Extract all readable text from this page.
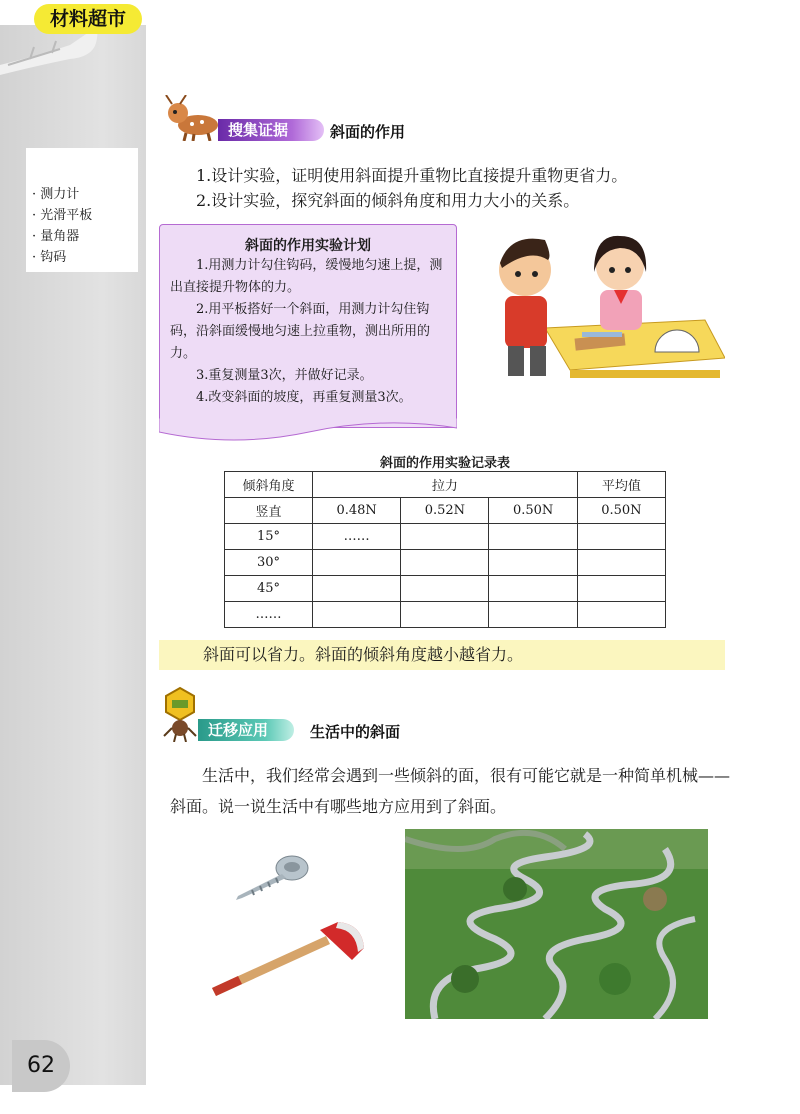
· 测力计
· 光滑平板
· 量角器
· 钩码
材料超市
搜集证据	斜面的作用
1.设计实验，证明使用斜面提升重物比直接提升重物更省力。
2.设计实验，探究斜面的倾斜角度和用力大小的关系。
斜面的作用实验计划

1.用测力计勾住钩码，缓慢地匀速上提，测出直接提升物体的力。

2.用平板搭好一个斜面，用测力计勾住钩码，沿斜面缓慢地匀速上拉重物，测出所用的力。

3.重复测量3次，并做好记录。

4.改变斜面的坡度，再重复测量3次。

斜面的作用实验记录表
倾斜角度	拉力			平均值
竖直	0.48N	0.52N	0.50N	0.50N
15°	……			
30°				
45°				
……				
斜面可以省力。斜面的倾斜角度越小越省力。
迁移应用	生活中的斜面

生活中，我们经常会遇到一些倾斜的面，很有可能它就是一种简单机械——斜面。说一说生活中有哪些地方应用到了斜面。

62
